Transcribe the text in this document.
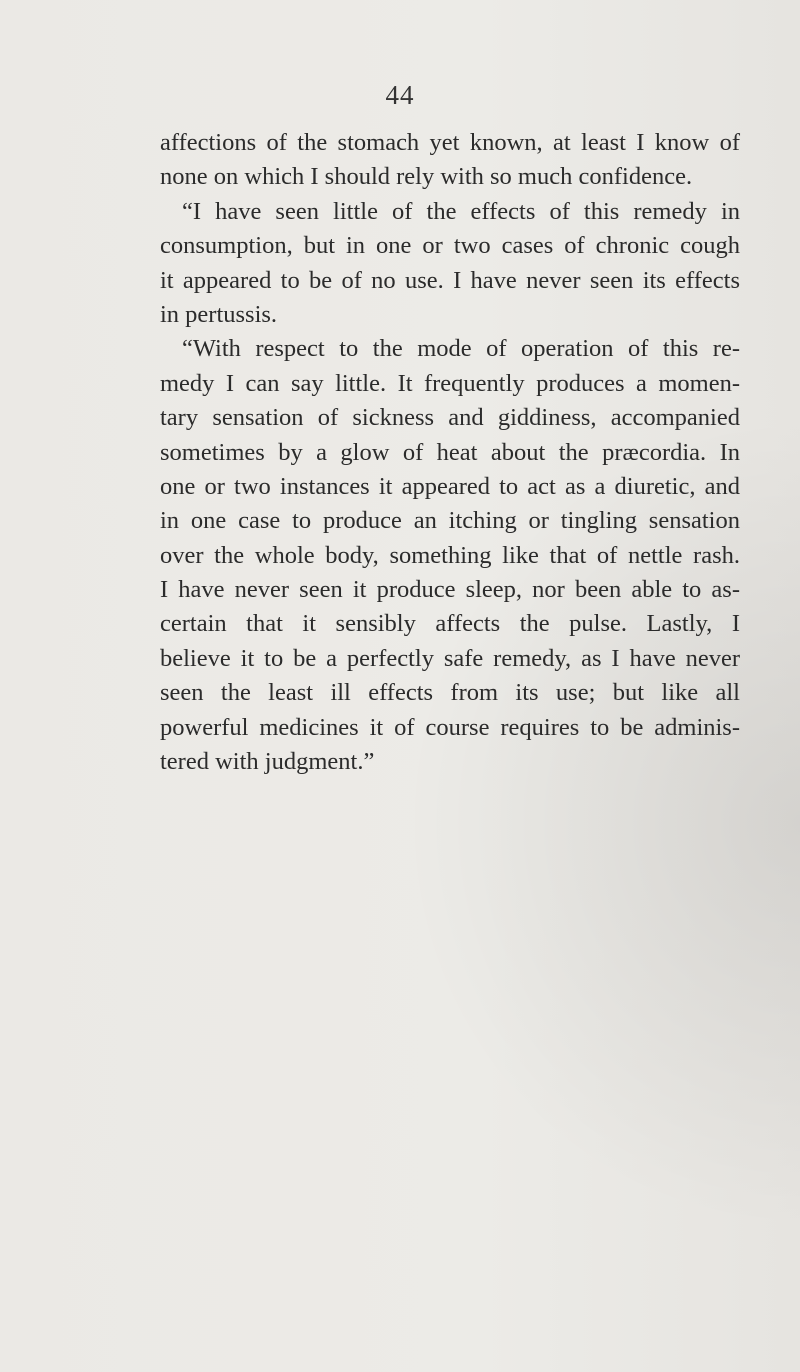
44
affections of the stomach yet known, at least I know of
none on which I should rely with so much confidence.
“I have seen little of the effects of this remedy in
consumption, but in one or two cases of chronic cough
it appeared to be of no use. I have never seen its effects
in pertussis.
“With respect to the mode of operation of this re-
medy I can say little. It frequently produces a momen-
tary sensation of sickness and giddiness, accompanied
sometimes by a glow of heat about the præcordia. In
one or two instances it appeared to act as a diuretic, and
in one case to produce an itching or tingling sensation
over the whole body, something like that of nettle rash.
I have never seen it produce sleep, nor been able to as-
certain that it sensibly affects the pulse. Lastly, I
believe it to be a perfectly safe remedy, as I have never
seen the least ill effects from its use; but like all
powerful medicines it of course requires to be adminis-
tered with judgment.”
